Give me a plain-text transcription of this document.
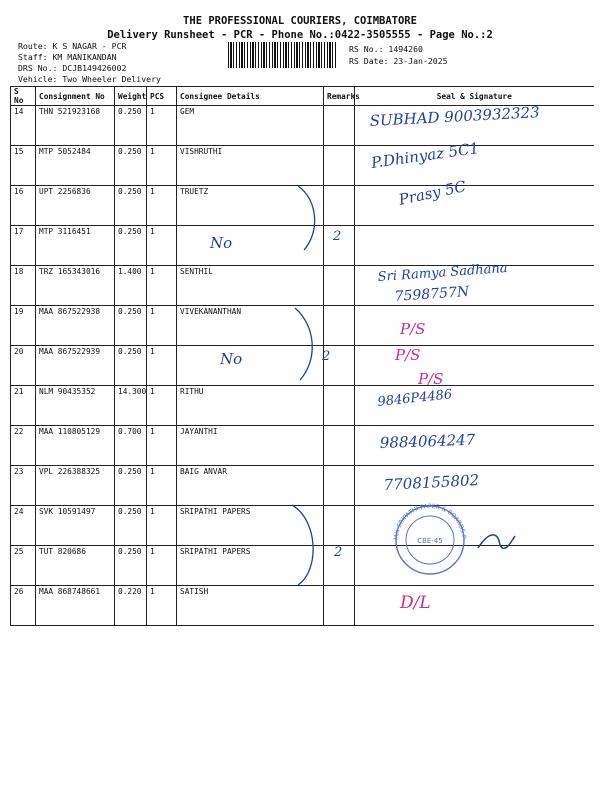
THE PROFESSIONAL COURIERS, COIMBATORE
Delivery Runsheet - PCR - Phone No.:0422-3505555 - Page No.:2
Route: K S NAGAR - PCR
Staff: KM MANIKANDAN
DRS No.: DCJB149426002
Vehicle: Two Wheeler Delivery
RS No.: 1494260
RS Date: 23-Jan-2025
S No	Consignment No	Weight	PCS	Consignee Details	Remarks	Seal & Signature
14	THN 521923168	0.250	1	GEM		
15	MTP 5052484	0.250	1	VISHRUTHI		
16	UPT 2256836	0.250	1	TRUETZ		
17	MTP 3116451	0.250	1			
18	TRZ 165343016	1.400	1	SENTHIL		
19	MAA 867522938	0.250	1	VIVEKANANTHAN		
20	MAA 867522939	0.250	1			
21	NLM 90435352	14.300	1	RITHU		
22	MAA 110805129	0.700	1	JAYANTHI		
23	VPL 226388325	0.250	1	BAIG ANVAR		
24	SVK 10591497	0.250	1	SRIPATHI PAPERS		
25	TUT 820686	0.250	1	SRIPATHI PAPERS		
26	MAA 868748661	0.220	1	SATISH		
SUBHAD 9003932323
P.Dhinyaz 5C1
Prasy 5C
No	2
Sri Ramya Sadhana
7598757N
P/S
P/S
No	2
P/S
9846P4486
9884064247
7708155802
2
M/s SRIPATHI PAPER & BOARDS P
CBE-45
D/L
